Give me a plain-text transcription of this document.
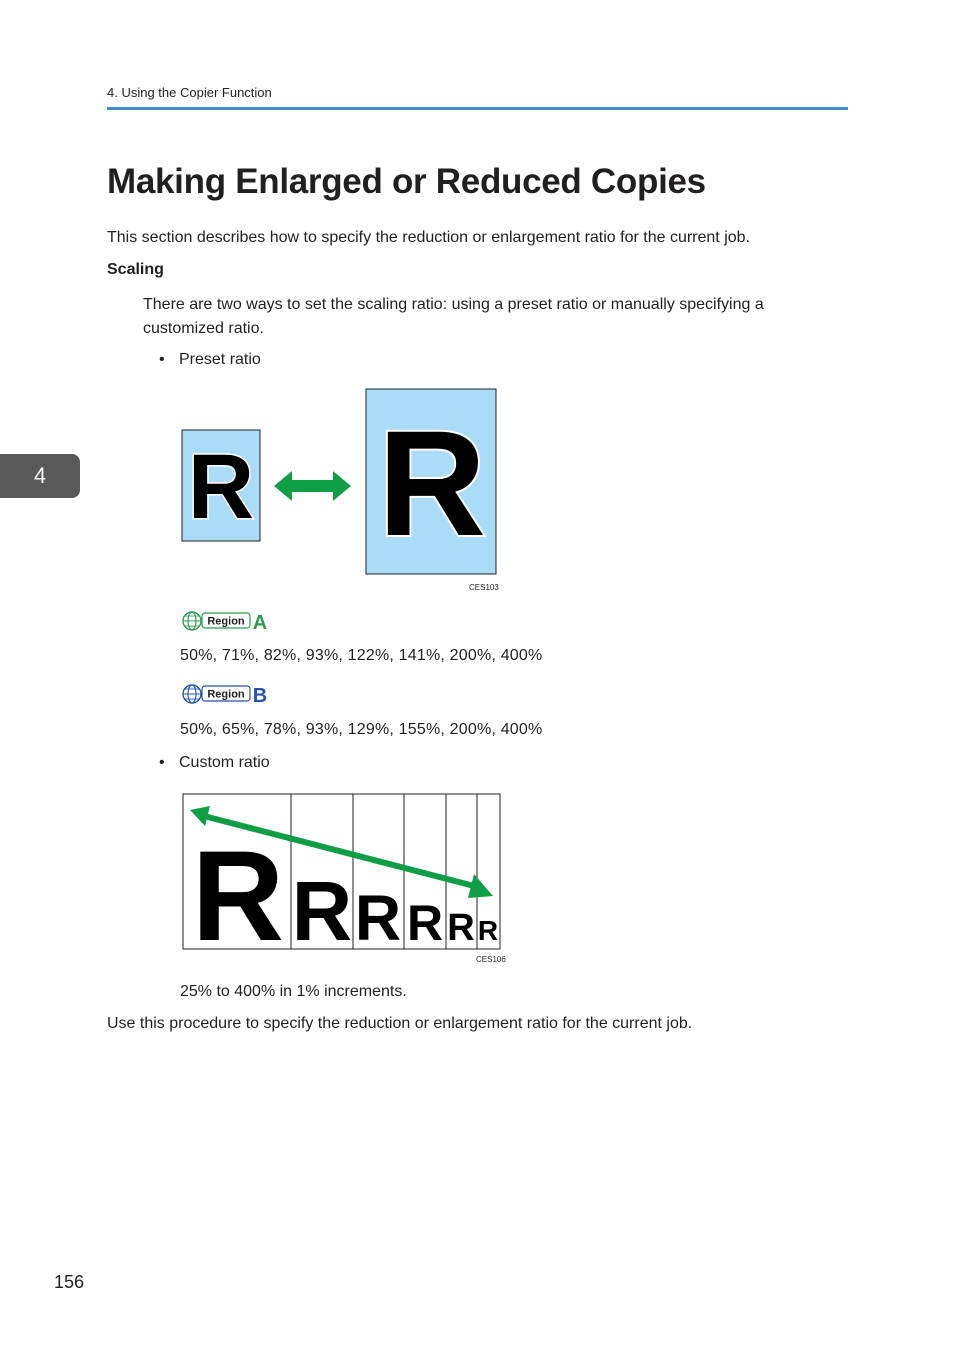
4. Using the Copier Function
Making Enlarged or Reduced Copies
This section describes how to specify the reduction or enlargement ratio for the current job.
Scaling
There are two ways to set the scaling ratio: using a preset ratio or manually specifying a customized ratio.
• Preset ratio
R R
CES103
Region A
50%, 71%, 82%, 93%, 122%, 141%, 200%, 400%
Region B
50%, 65%, 78%, 93%, 129%, 155%, 200%, 400%
• Custom ratio
R R R R R R
CES106
25% to 400% in 1% increments.
Use this procedure to specify the reduction or enlargement ratio for the current job.
4
156
